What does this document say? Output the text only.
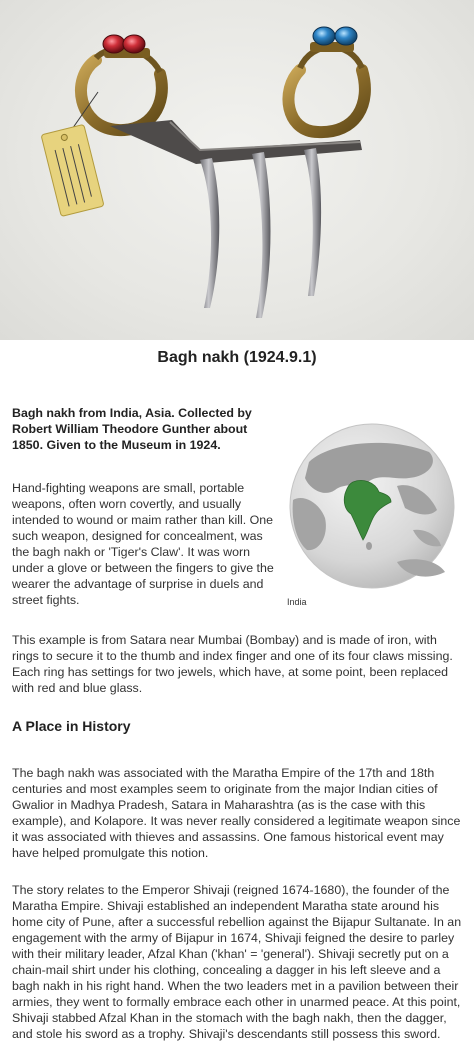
Bagh nakh (1924.9.1)
Bagh nakh from India, Asia. Collected by Robert William Theodore Gunther about 1850. Given to the Museum in 1924.
Hand-fighting weapons are small, portable weapons, often worn covertly, and usually intended to wound or maim rather than kill. One such weapon, designed for concealment, was the bagh nakh or 'Tiger's Claw'. It was worn under a glove or between the fingers to give the wearer the advantage of surprise in duels and street fights.	India
This example is from Satara near Mumbai (Bombay) and is made of iron, with rings to secure it to the thumb and index finger and one of its four claws missing. Each ring has settings for two jewels, which have, at some point, been replaced with red and blue glass.
A Place in History
The bagh nakh was associated with the Maratha Empire of the 17th and 18th centuries and most examples seem to originate from the major Indian cities of Gwalior in Madhya Pradesh, Satara in Maharashtra (as is the case with this example), and Kolapore. It was never really considered a legitimate weapon since it was associated with thieves and assassins. One famous historical event may have helped promulgate this notion.
The story relates to the Emperor Shivaji (reigned 1674-1680), the founder of the Maratha Empire. Shivaji established an independent Maratha state around his home city of Pune, after a successful rebellion against the Bijapur Sultanate. In an engagement with the army of Bijapur in 1674, Shivaji feigned the desire to parley with their military leader, Afzal Khan ('khan' = 'general'). Shivaji secretly put on a chain-mail shirt under his clothing, concealing a dagger in his left sleeve and a bagh nakh in his right hand. When the two leaders met in a pavilion between their armies, they went to formally embrace each other in unarmed peace. At this point, Shivaji stabbed Afzal Khan in the stomach with the bagh nakh, then the dagger, and stole his sword as a trophy. Shivaji's descendants still possess this sword.
